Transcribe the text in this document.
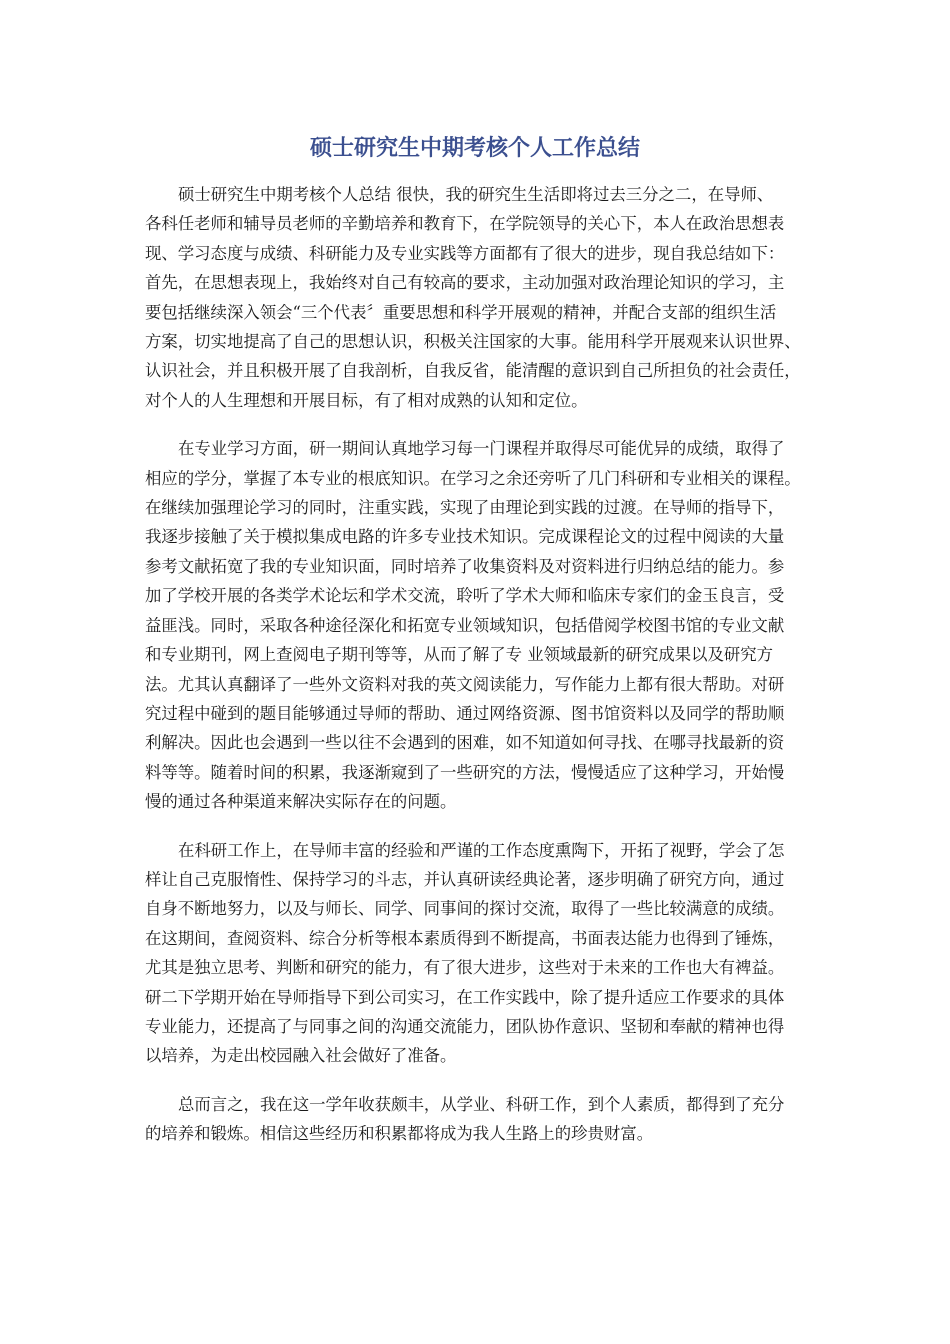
硕士研究生中期考核个人工作总结
硕士研究生中期考核个人总结 很快，我的研究生生活即将过去三分之二，在导师、
各科任老师和辅导员老师的辛勤培养和教育下，在学院领导的关心下，本人在政治思想表
现、学习态度与成绩、科研能力及专业实践等方面都有了很大的进步，现自我总结如下：
首先，在思想表现上，我始终对自己有较高的要求，主动加强对政治理论知识的学习，主
要包括继续深入领会“三个代表〞重要思想和科学开展观的精神，并配合支部的组织生活
方案，切实地提高了自己的思想认识，积极关注国家的大事。能用科学开展观来认识世界、
认识社会，并且积极开展了自我剖析，自我反省，能清醒的意识到自己所担负的社会责任，
对个人的人生理想和开展目标，有了相对成熟的认知和定位。
在专业学习方面，研一期间认真地学习每一门课程并取得尽可能优异的成绩，取得了
相应的学分，掌握了本专业的根底知识。在学习之余还旁听了几门科研和专业相关的课程。
在继续加强理论学习的同时，注重实践，实现了由理论到实践的过渡。在导师的指导下，
我逐步接触了关于模拟集成电路的许多专业技术知识。完成课程论文的过程中阅读的大量
参考文献拓宽了我的专业知识面，同时培养了收集资料及对资料进行归纳总结的能力。参
加了学校开展的各类学术论坛和学术交流，聆听了学术大师和临床专家们的金玉良言，受
益匪浅。同时，采取各种途径深化和拓宽专业领域知识，包括借阅学校图书馆的专业文献
和专业期刊，网上查阅电子期刊等等，从而了解了专 业领域最新的研究成果以及研究方
法。尤其认真翻译了一些外文资料对我的英文阅读能力，写作能力上都有很大帮助。对研
究过程中碰到的题目能够通过导师的帮助、通过网络资源、图书馆资料以及同学的帮助顺
利解决。因此也会遇到一些以往不会遇到的困难，如不知道如何寻找、在哪寻找最新的资
料等等。随着时间的积累，我逐渐窥到了一些研究的方法，慢慢适应了这种学习，开始慢
慢的通过各种渠道来解决实际存在的问题。
在科研工作上，在导师丰富的经验和严谨的工作态度熏陶下，开拓了视野，学会了怎
样让自己克服惰性、保持学习的斗志，并认真研读经典论著，逐步明确了研究方向，通过
自身不断地努力，以及与师长、同学、同事间的探讨交流，取得了一些比较满意的成绩。
在这期间，查阅资料、综合分析等根本素质得到不断提高，书面表达能力也得到了锤炼，
尤其是独立思考、判断和研究的能力，有了很大进步，这些对于未来的工作也大有裨益。
研二下学期开始在导师指导下到公司实习，在工作实践中，除了提升适应工作要求的具体
专业能力，还提高了与同事之间的沟通交流能力，团队协作意识、坚韧和奉献的精神也得
以培养，为走出校园融入社会做好了准备。
总而言之，我在这一学年收获颇丰，从学业、科研工作，到个人素质，都得到了充分
的培养和锻炼。相信这些经历和积累都将成为我人生路上的珍贵财富。
